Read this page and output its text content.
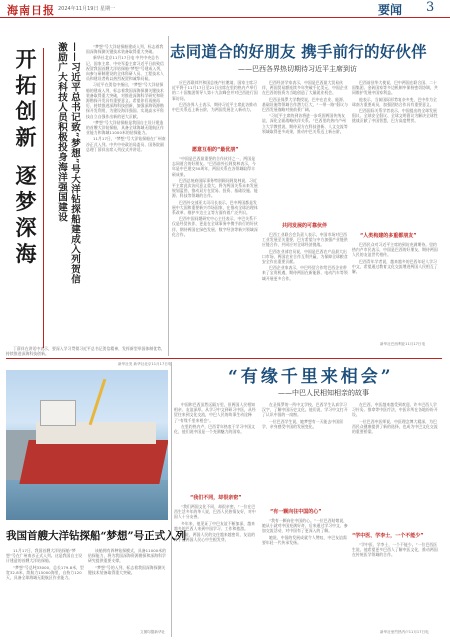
海南日报 2024年11月19日 星期一	要闻 3
开拓创新 逐梦深海 激励广大科技人员积极投身海洋强国建设 ——习近平总书记致“梦想”号大洋钻探船建成入列贺信	“梦想”号大洋钻探船建成入列，标志着我国深海探测关键技术装备取得重大突破。

新华社北京11月17日电 中共中央总书记、国家主席、中央军委主席习近平日前致信祝贺我国首艘大洋钻探船“梦想”号建成入列，向参与研制建设的全体科研人员、工程技术人员和建设者致以热烈祝贺和诚挚问候。

习近平在贺信中指出，“梦想”号大洋钻探船的建成入列，标志着我国深海探测关键技术装备取得重大突破，对推进深海科学研究和资源勘探开发具有重要意义。希望你们再接再厉，持续推进深海科技创新，加强深海资源勘探开发利用，为建设海洋强国、实现高水平科技自立自强作出新的更大贡献。

“梦想”号大洋钻探船是我国自主设计建造的首艘大洋钻探船，具备全球海域无限航区作业能力和海域11000米的钻探能力。

11月17日，“梦想”号大洋钻探船在广州南沙正式入列。中共中央政治局委员、国务院副总理丁薛祥出席入列仪式并讲话。

丁薛祥在讲话中表示，要深入学习贯彻习近平总书记贺信精神，发挥新型举国体制优势，持续推进深海科技创新。

新华社发 新华社北京11月17日电
志同道合的好朋友 携手前行的好伙伴
——巴西各界热切期待习近平主席到访

应巴西联邦共和国总统卢拉邀请，国家主席习近平将于11月17日至21日出席在里约热内卢举行的二十国集团领导人第十九次峰会并对巴西进行国事访问。

巴西各界人士表示，期待习近平主席此访推动中巴关系迈上新台阶，为两国发展注入新动力。

愿意互相的“最优朋”

“中国是巴西最重要的合作伙伴之一，两国是志同道合的好朋友。”巴西前外长阿莫林表示，今年是中巴建交50周年，两国关系在各领域取得丰硕成果。

巴西总统府国际事务特别顾问阿莫林说，习近平主席此次访问意义重大，将为两国关系未来发展规划蓝图，推动双方在贸易、投资、基础设施、能源、科技等领域的合作。

巴西外交部亚太司司长表示，巴中两国都是发展中大国和重要新兴市场国家，在推动全球治理体系改革、维护多边主义等方面有着广泛共识。

巴西中国问题研究中心主任表示，中巴关系不仅是经贸伙伴，更是在全球事务中携手前行的好伙伴，期待两国在绿色发展、数字经济等新兴领域深化合作。

巴西经济学家表示，中国是巴西最大贸易伙伴，两国贸易额连续多年突破千亿美元，中国企业在巴西的投资为当地创造了大量就业机会。

巴西圣保罗大学教授说，巴中在农业、能源、基础设施等领域合作潜力巨大，“一带一路”倡议与巴西发展战略对接前景广阔。

“习近平主席的到访将进一步巩固两国传统友谊，深化全面战略伙伴关系。”巴西里约热内卢州立大学教授说，期待双方在科技创新、人文交流等领域取得更多成果，推动中巴关系迈上新台阶。

共同发展的可靠伙伴

巴西工业联合会负责人表示，中国市场对巴西工业发展至关重要，巴方希望与中方加强产业链供应链合作，共同应对全球经济挑战。

巴西农业部官员说，中国是巴西农产品最大出口市场，两国农业合作互利共赢，为保障全球粮食安全作出重要贡献。

巴西企业家表示，中巴经贸合作给巴西企业带来了宝贵机遇，期待两国在新能源、电动汽车等领域开展更多合作。

巴西前驻华大使说，巴中两国在联合国、二十国集团、金砖国家等多边机制中保持密切协调，共同维护发展中国家利益。

他表示，当前国际形势复杂多变，巴中作为全球南方重要成员，加强团结合作具有重要意义。

巴西国际关系学者表示，中国提出的全球发展倡议、全球安全倡议、全球文明倡议为解决全球性挑战贡献了中国智慧，巴方高度赞赏。

“人类构建的多重都朋友”

巴西民众对习近平主席的到访充满期待。里约热内卢市民表示，中国是巴西的好朋友，期待两国人民的友谊世代相传。

巴西青年学者说，越来越多的巴西年轻人学习中文，希望通过教育文化交流增进两国人民相互了解。

新华社巴西利亚11月17日电
我国首艘大洋钻探船“梦想”号正式入列

11月17日，我国首艘大洋钻探船“梦想”号在广州南沙正式入列。这是我国自主设计建造的首艘大洋钻探船。

“梦想”号总吨33000，总长179.8米，型宽32.8米，续航力15000海里，自持力120天，具备全球海域无限航区作业能力。

该船拥有四种钻探模式，具备11000米的钻探能力，将为我国深海资源勘探和深海科学研究提供重要支撑。

“梦想”号的入列，标志着我国深海探测关键技术装备取得重大突破。

文图均据新华社
“有缘千里来相会”
——中巴人民相知相亲的故事

中国和巴西虽然远隔万里，但两国人民相知相亲、友谊深厚。从学习中文到研习中医，从经贸往来到文化交流，中巴人民的故事生动诠释了“有缘千里来相会”。

在里约热内卢，巴西青年热衷于学习中国文化，他们说中国是一个充满魅力的国家。

“我们不同，却很亲密”

“我们两国文化不同，却很亲密。”一位在巴西生活多年的华人说，巴西人民热情友好，对中国人十分友善。

多年来，他见证了中巴友谊不断加深，越来越多的巴西人来到中国学习、工作和旅游。

他说，两国人民的交往越来越密切，友谊的种子在两国人民心中生根发芽。

在圣保罗的一所中文学校，巴西学生认真学习汉字，了解中国历史文化。他们说，学习中文打开了认识中国的一扇窗。

一位巴西学生说，她梦想有一天能去中国留学，亲身感受中国的发展变化。

“有一颗向往中国的心”

“我有一颗向往中国的心。”一位巴西姑娘说，她从小就对中国充满好奇，后来通过学习中文、参加交流活动，对中国有了更深入的了解。

她说，中国的发展成就令人赞叹，中巴友谊需要年轻一代传承发扬。

在巴西，中医越来越受到欢迎。许多巴西人学习针灸、推拿等中医疗法，中医诊所在各地纷纷开设。

一位巴西中医师说，中医理念博大精深，为巴西民众健康提供了新的选择，也成为中巴文化交流的重要桥梁。

“学中医、学李士，一个不能少”

“学中医、学李士，一个不能少。”一位巴西医生说，他希望更多巴西人了解中医文化，推动两国在传统医学领域的合作。

新华社里约热内卢11月17日电
